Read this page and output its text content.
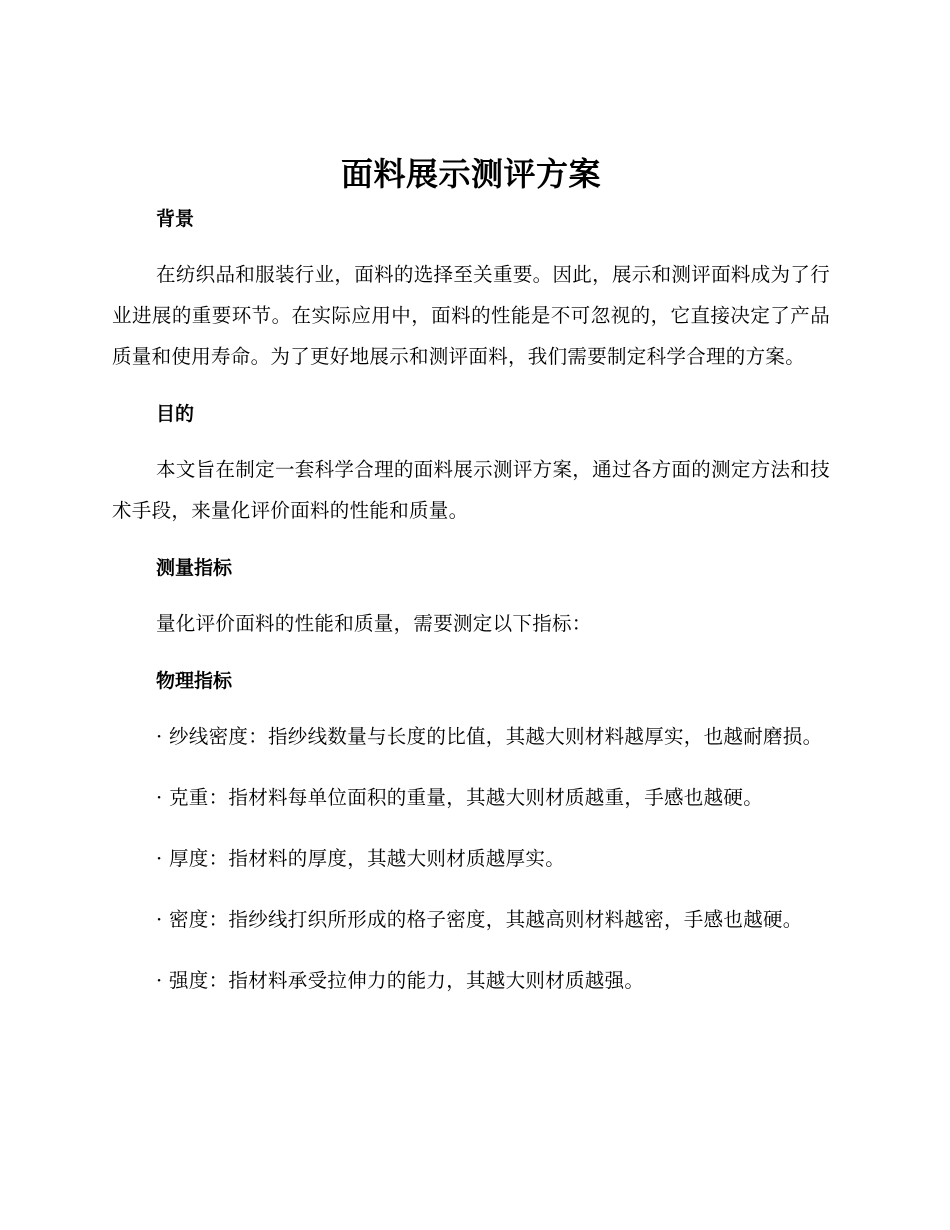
面料展示测评方案
背景

在纺织品和服装行业，面料的选择至关重要。因此，展示和测评面料成为了行业进展的重要环节。在实际应用中，面料的性能是不可忽视的，它直接决定了产品质量和使用寿命。为了更好地展示和测评面料，我们需要制定科学合理的方案。

目的

本文旨在制定一套科学合理的面料展示测评方案，通过各方面的测定方法和技术手段，来量化评价面料的性能和质量。

测量指标

量化评价面料的性能和质量，需要测定以下指标：

物理指标

· 纱线密度：指纱线数量与长度的比值，其越大则材料越厚实，也越耐磨损。

· 克重：指材料每单位面积的重量，其越大则材质越重，手感也越硬。

· 厚度：指材料的厚度，其越大则材质越厚实。

· 密度：指纱线打织所形成的格子密度，其越高则材料越密，手感也越硬。

· 强度：指材料承受拉伸力的能力，其越大则材质越强。
